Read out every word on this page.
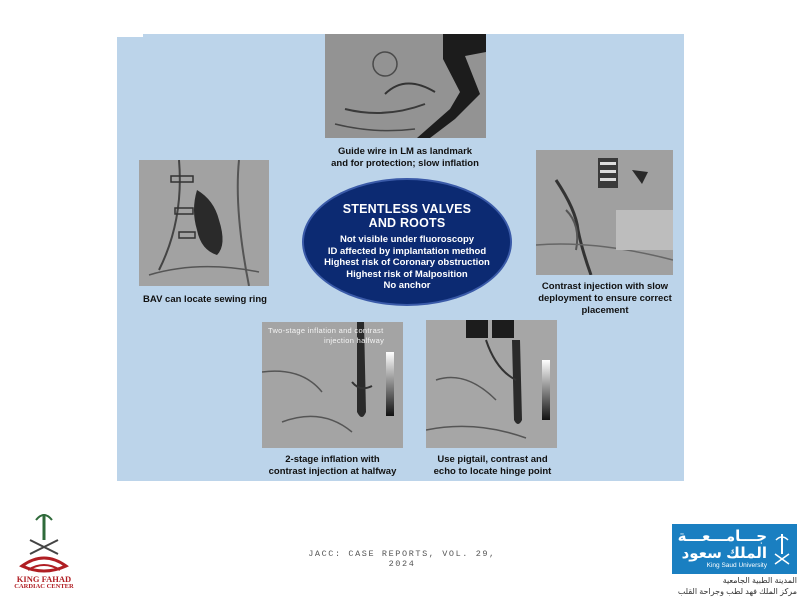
Guide wire in LM as landmark
and for protection; slow inflation
BAV can locate sewing ring
Contrast injection with slow
deployment to ensure correct
placement
STENTLESS VALVES
AND ROOTS
Not visible under fluoroscopy
ID affected by implantation method
Highest risk of Coronary obstruction
Highest risk of Malposition
No anchor
Two-stage inflation and contrast
injection halfway
2-stage inflation with
contrast injection at halfway
Use pigtail, contrast and
echo to locate hinge point
JACC: CASE REPORTS, VOL. 29, 2024
KING FAHAD
CARDIAC CENTER
جـــامـــعـــة
الملك سعود
King Saud University
المدينة الطبية الجامعية
مركز الملك فهد لطب وجراحة القلب
